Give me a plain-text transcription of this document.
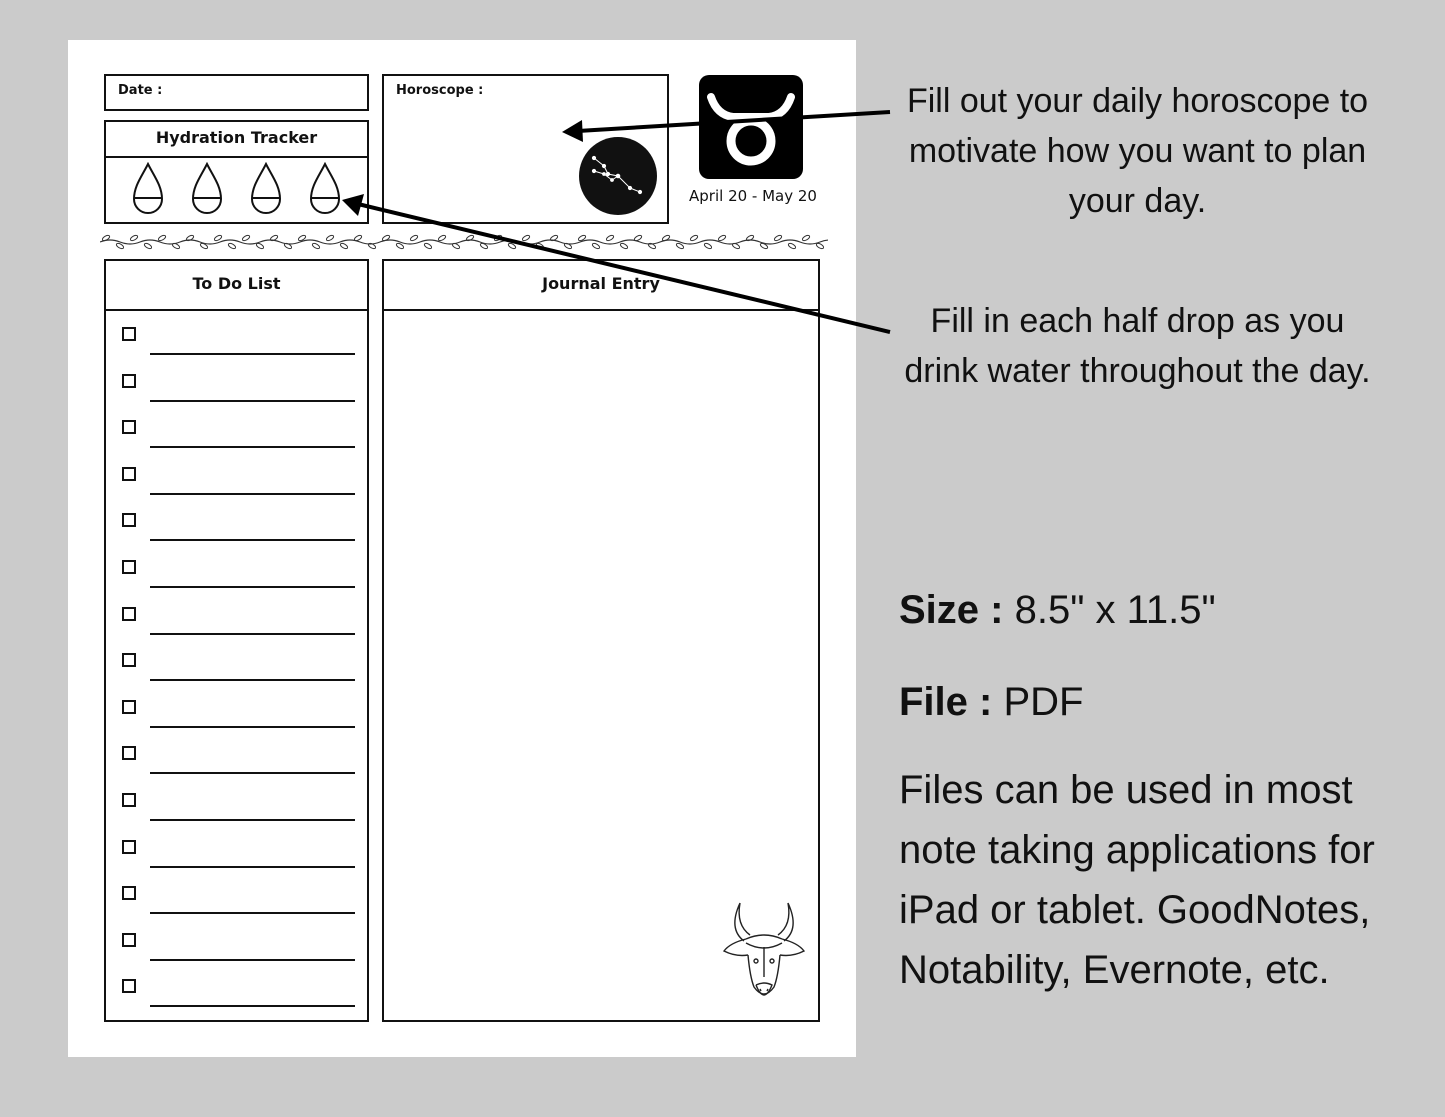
Date :
Hydration Tracker
Horoscope :
April 20 - May 20
To Do List	Journal Entry
Fill out your daily horoscope to motivate how you want to plan your day.
Fill in each half drop as you drink water throughout the day.
Size : 8.5" x 11.5"
File : PDF
Files can be used in most note taking applications for iPad or tablet. GoodNotes, Notability, Evernote, etc.
